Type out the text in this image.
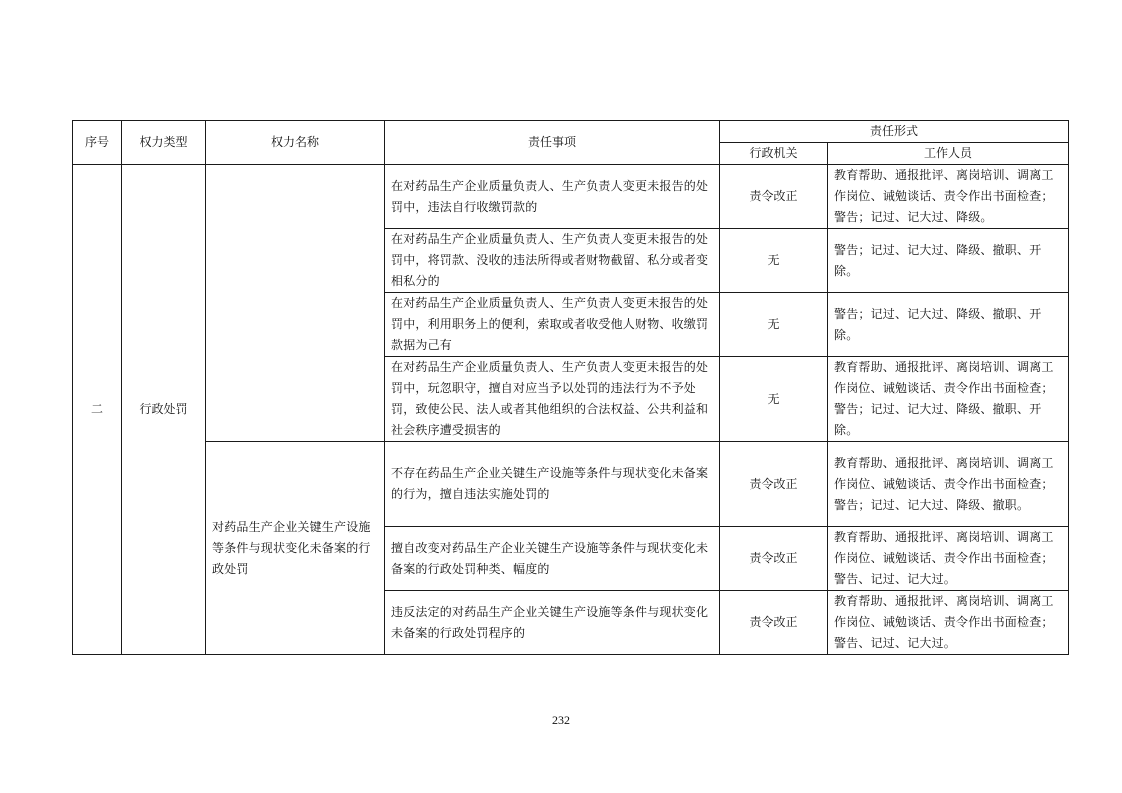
序号	权力类型	权力名称	责任事项	责任形式	
				行政机关	工作人员
二	行政处罚		在对药品生产企业质量负责人、生产负责人变更未报告的处罚中，违法自行收缴罚款的	责令改正	教育帮助、通报批评、离岗培训、调离工作岗位、诫勉谈话、责令作出书面检查；警告；记过、记大过、降级。
			在对药品生产企业质量负责人、生产负责人变更未报告的处罚中，将罚款、没收的违法所得或者财物截留、私分或者变相私分的	无	警告；记过、记大过、降级、撤职、开除。
			在对药品生产企业质量负责人、生产负责人变更未报告的处罚中，利用职务上的便利，索取或者收受他人财物、收缴罚款据为己有	无	警告；记过、记大过、降级、撤职、开除。
			在对药品生产企业质量负责人、生产负责人变更未报告的处罚中，玩忽职守，擅自对应当予以处罚的违法行为不予处罚，致使公民、法人或者其他组织的合法权益、公共利益和社会秩序遭受损害的	无	教育帮助、通报批评、离岗培训、调离工作岗位、诫勉谈话、责令作出书面检查；警告；记过、记大过、降级、撤职、开除。
		对药品生产企业关键生产设施等条件与现状变化未备案的行政处罚	不存在药品生产企业关键生产设施等条件与现状变化未备案的行为，擅自违法实施处罚的	责令改正	教育帮助、通报批评、离岗培训、调离工作岗位、诫勉谈话、责令作出书面检查；警告；记过、记大过、降级、撤职。
			擅自改变对药品生产企业关键生产设施等条件与现状变化未备案的行政处罚种类、幅度的	责令改正	教育帮助、通报批评、离岗培训、调离工作岗位、诫勉谈话、责令作出书面检查；警告、记过、记大过。
			违反法定的对药品生产企业关键生产设施等条件与现状变化未备案的行政处罚程序的	责令改正	教育帮助、通报批评、离岗培训、调离工作岗位、诫勉谈话、责令作出书面检查；警告、记过、记大过。
232
